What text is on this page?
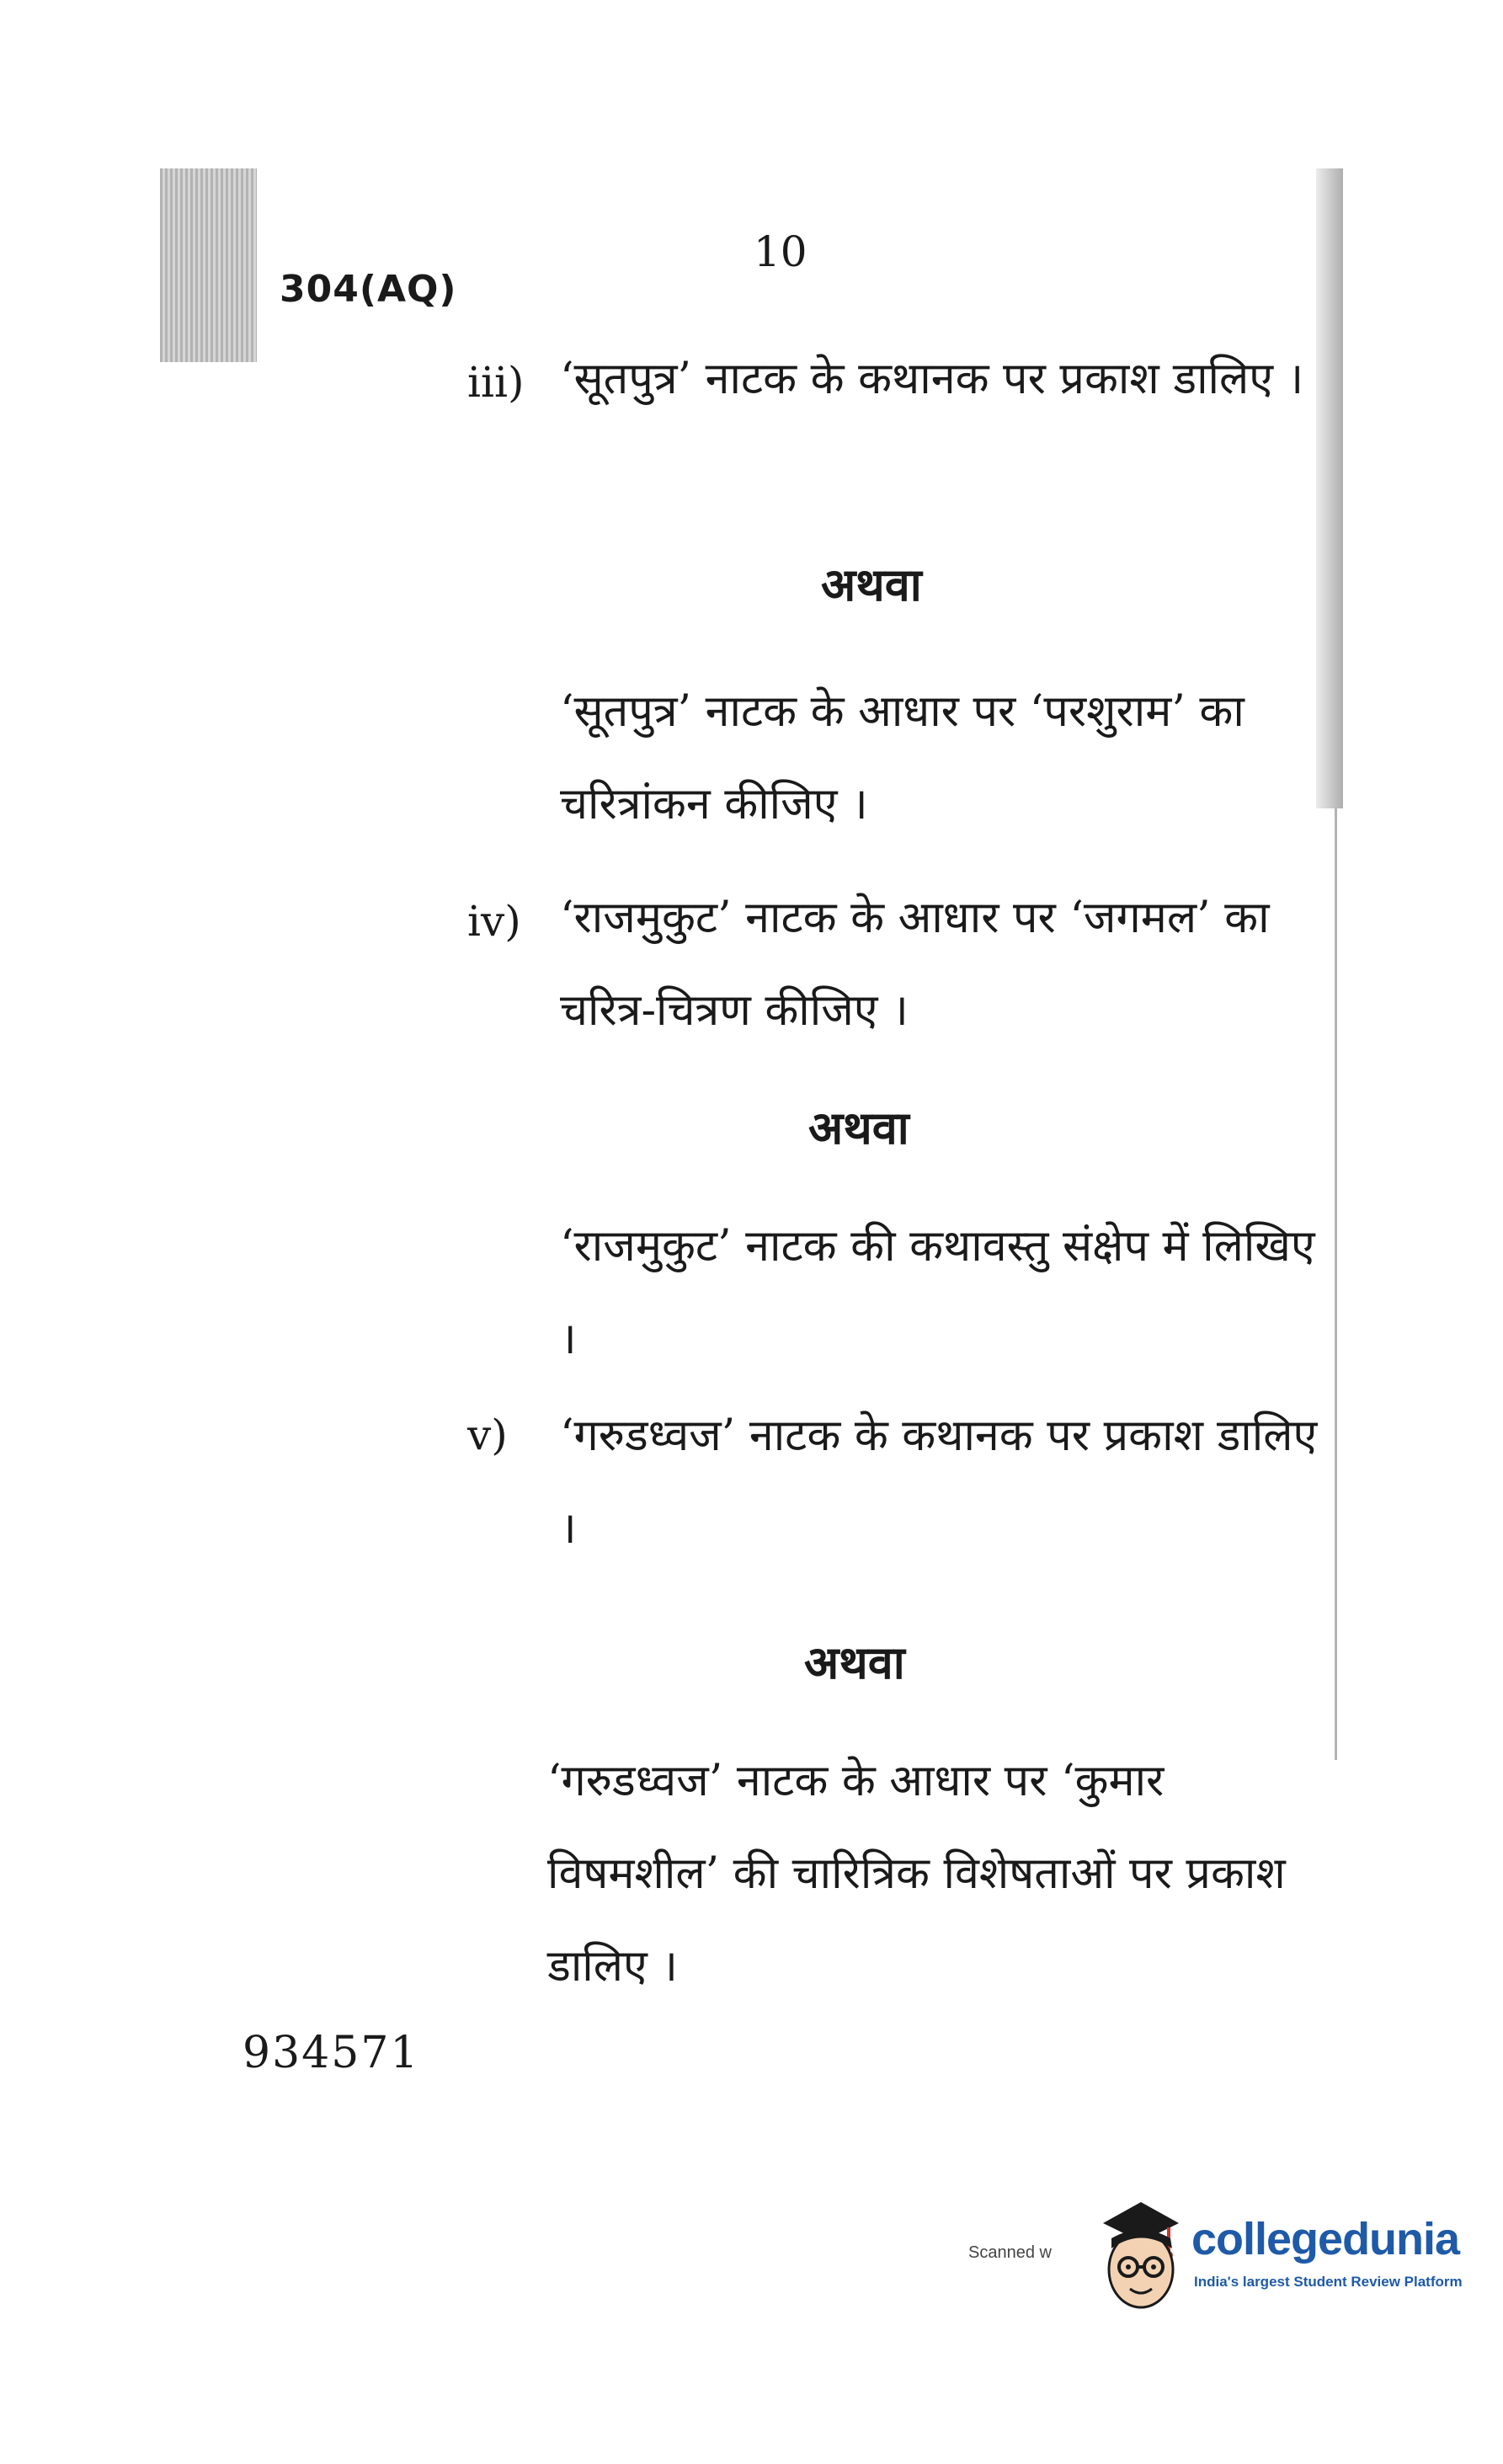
304(AQ)
10
iii) ‘सूतपुत्र’ नाटक के कथानक पर प्रकाश डालिए ।
अथवा
‘सूतपुत्र’ नाटक के आधार पर ‘परशुराम’ का चरित्रांकन कीजिए ।
iv) ‘राजमुकुट’ नाटक के आधार पर ‘जगमल’ का चरित्र-चित्रण कीजिए ।
अथवा
‘राजमुकुट’ नाटक की कथावस्तु संक्षेप में लिखिए ।
v) ‘गरुडध्वज’ नाटक के कथानक पर प्रकाश डालिए ।
अथवा
‘गरुडध्वज’ नाटक के आधार पर ‘कुमार विषमशील’ की चारित्रिक विशेषताओं पर प्रकाश डालिए ।
934571
Scanned w	collegedunia
India's largest Student Review Platform
